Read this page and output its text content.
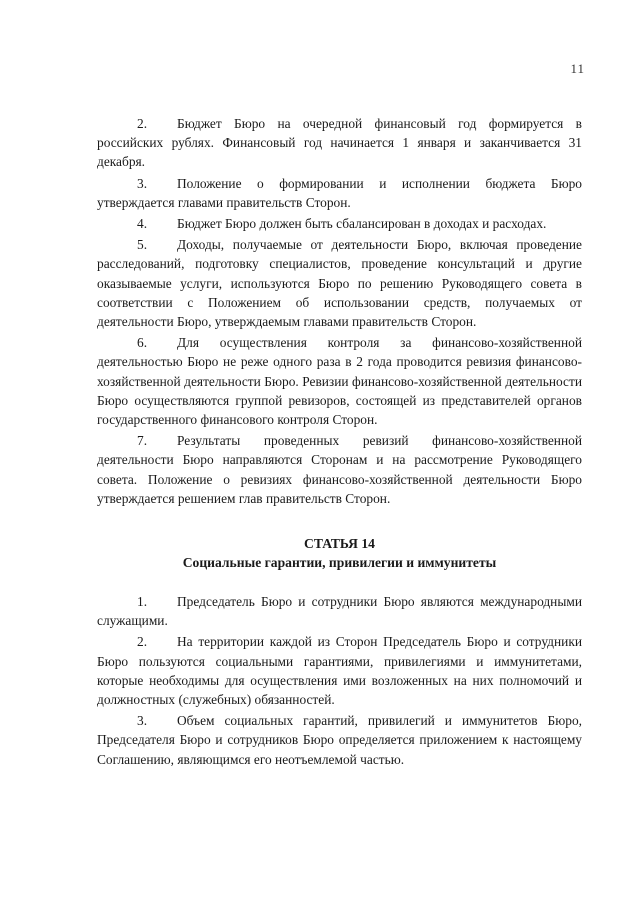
11

2. Бюджет Бюро на очередной финансовый год формируется в российских рублях. Финансовый год начинается 1 января и заканчивается 31 декабря.

3. Положение о формировании и исполнении бюджета Бюро утверждается главами правительств Сторон.

4. Бюджет Бюро должен быть сбалансирован в доходах и расходах.

5. Доходы, получаемые от деятельности Бюро, включая проведение расследований, подготовку специалистов, проведение консультаций и другие оказываемые услуги, используются Бюро по решению Руководящего совета в соответствии с Положением об использовании средств, получаемых от деятельности Бюро, утверждаемым главами правительств Сторон.

6. Для осуществления контроля за финансово-хозяйственной деятельностью Бюро не реже одного раза в 2 года проводится ревизия финансово-хозяйственной деятельности Бюро. Ревизии финансово-хозяйственной деятельности Бюро осуществляются группой ревизоров, состоящей из представителей органов государственного финансового контроля Сторон.

7. Результаты проведенных ревизий финансово-хозяйственной деятельности Бюро направляются Сторонам и на рассмотрение Руководящего совета. Положение о ревизиях финансово-хозяйственной деятельности Бюро утверждается решением глав правительств Сторон.

СТАТЬЯ 14
Социальные гарантии, привилегии и иммунитеты

1. Председатель Бюро и сотрудники Бюро являются международными служащими.

2. На территории каждой из Сторон Председатель Бюро и сотрудники Бюро пользуются социальными гарантиями, привилегиями и иммунитетами, которые необходимы для осуществления ими возложенных на них полномочий и должностных (служебных) обязанностей.

3. Объем социальных гарантий, привилегий и иммунитетов Бюро, Председателя Бюро и сотрудников Бюро определяется приложением к настоящему Соглашению, являющимся его неотъемлемой частью.
